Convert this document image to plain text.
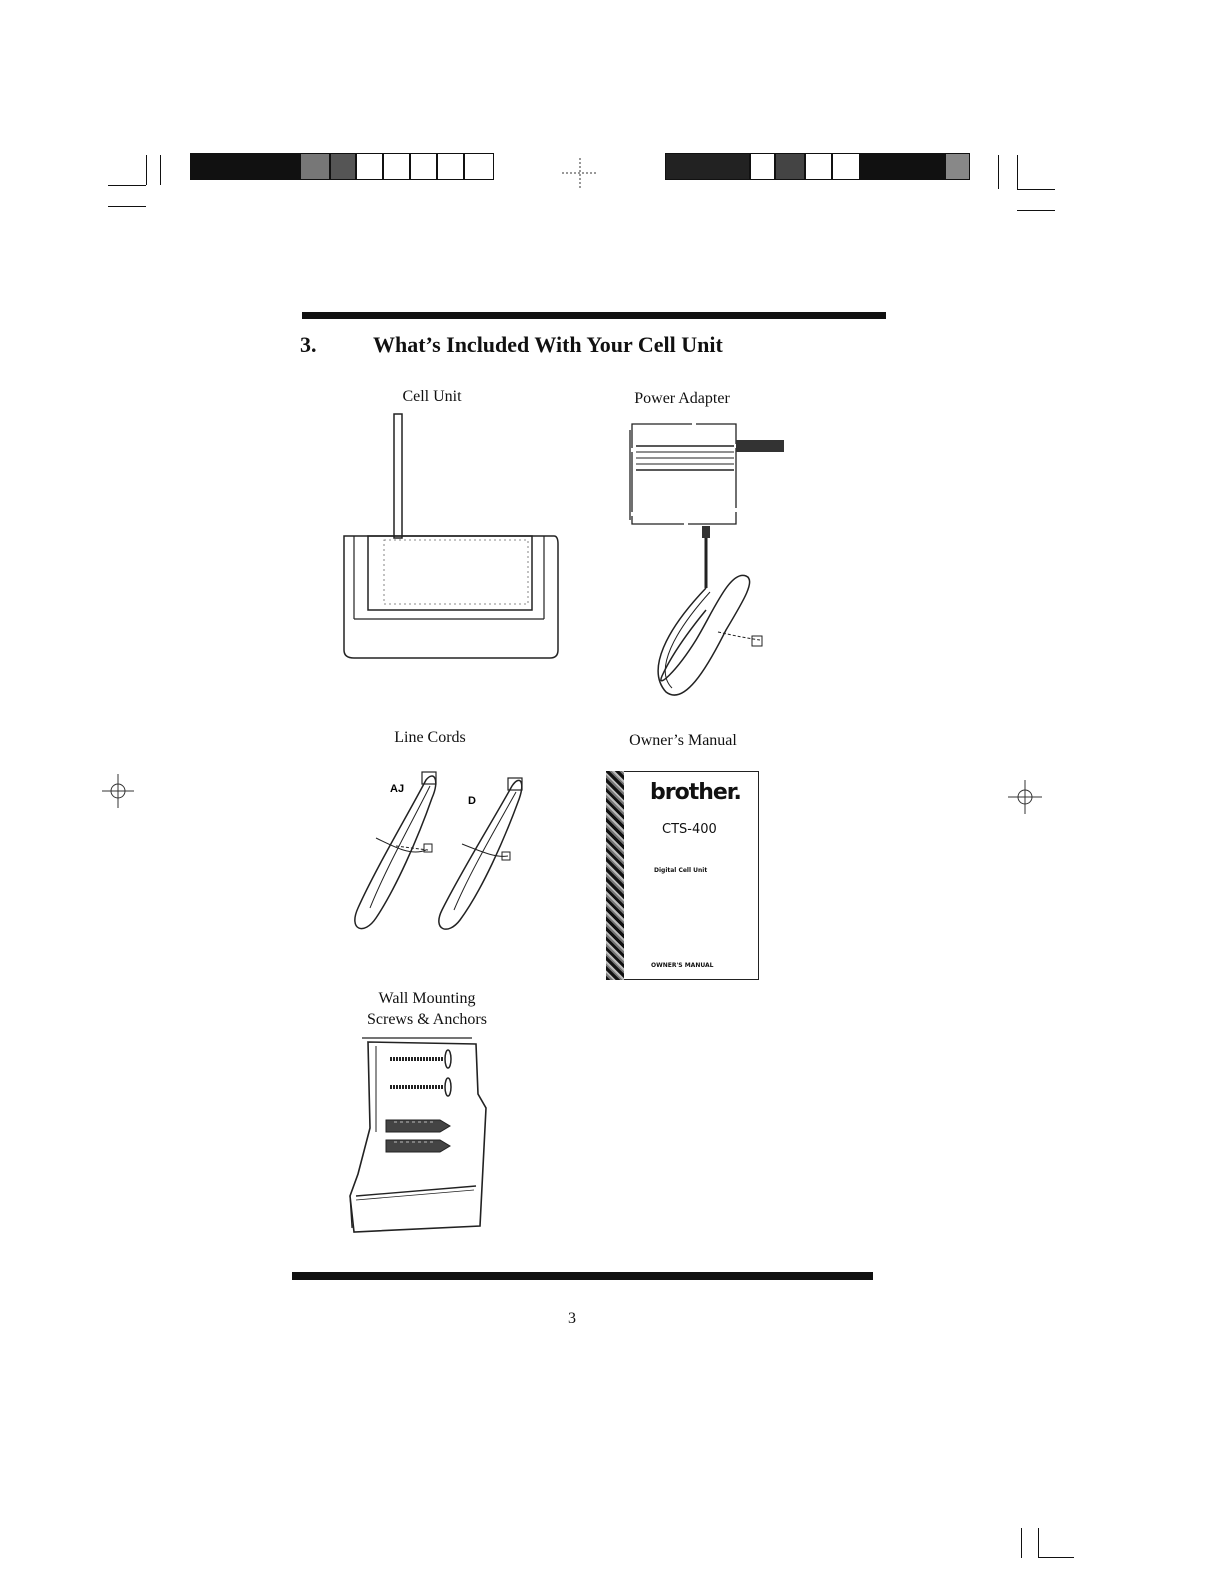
3.	What’s Included With Your Cell Unit
Cell Unit	Power Adapter
Line Cords
AJ
D
Owner’s Manual
brother.
CTS-400
Digital Cell Unit
OWNER'S MANUAL
Wall Mounting
Screws & Anchors
3
